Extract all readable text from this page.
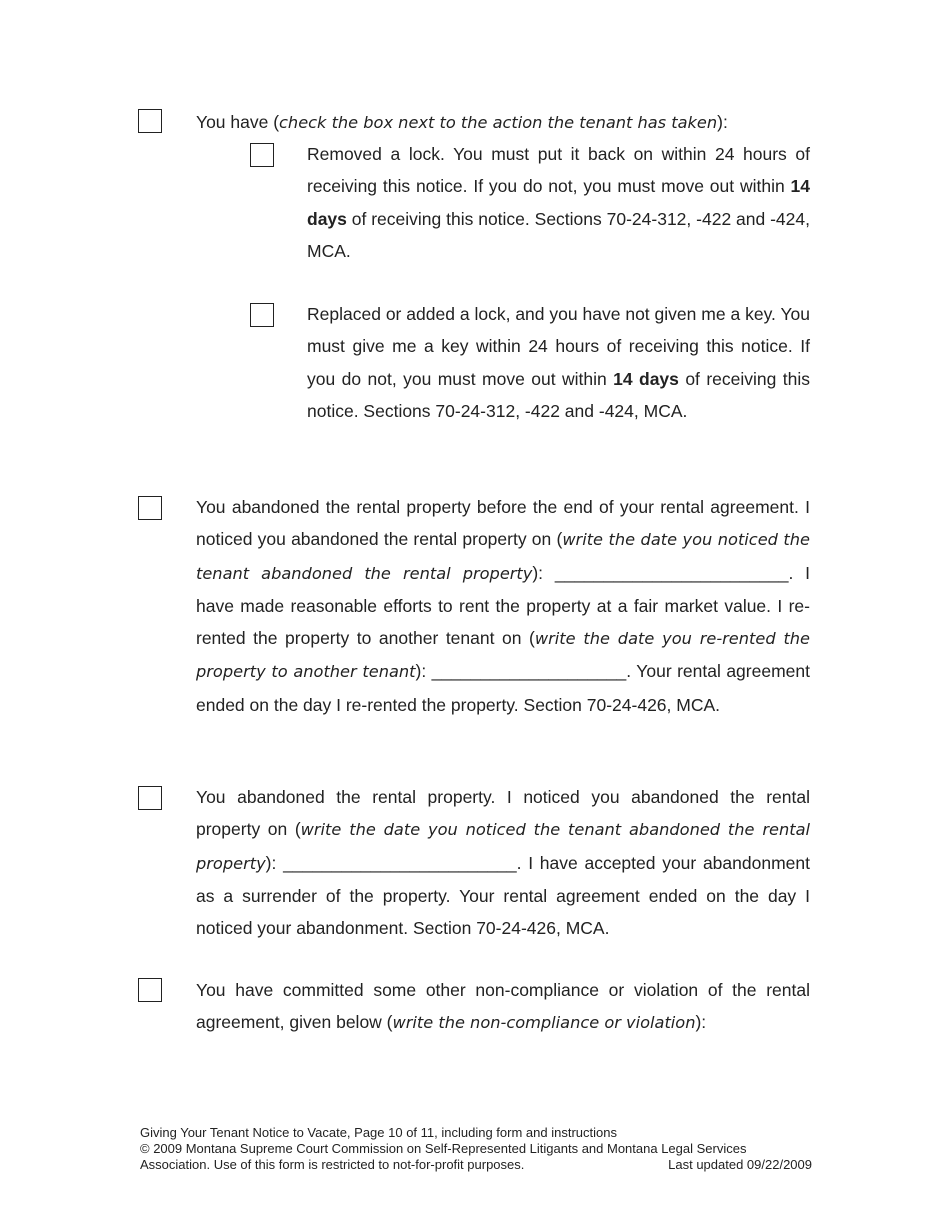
You have (check the box next to the action the tenant has taken):
Removed a lock. You must put it back on within 24 hours of receiving this notice. If you do not, you must move out within 14 days of receiving this notice. Sections 70-24-312, -422 and -424, MCA.
Replaced or added a lock, and you have not given me a key. You must give me a key within 24 hours of receiving this notice. If you do not, you must move out within 14 days of receiving this notice. Sections 70-24-312, -422 and -424, MCA.
You abandoned the rental property before the end of your rental agreement. I noticed you abandoned the rental property on (write the date you noticed the tenant abandoned the rental property): ________________________. I have made reasonable efforts to rent the property at a fair market value. I re-rented the property to another tenant on (write the date you re-rented the property to another tenant): ____________________. Your rental agreement ended on the day I re-rented the property. Section 70-24-426, MCA.
You abandoned the rental property. I noticed you abandoned the rental property on (write the date you noticed the tenant abandoned the rental property): ________________________. I have accepted your abandonment as a surrender of the property. Your rental agreement ended on the day I noticed your abandonment. Section 70-24-426, MCA.
You have committed some other non-compliance or violation of the rental agreement, given below (write the non-compliance or violation):
Giving Your Tenant Notice to Vacate, Page 10 of 11, including form and instructions
© 2009 Montana Supreme Court Commission on Self-Represented Litigants and Montana Legal Services
Association. Use of this form is restricted to not-for-profit purposes.	Last updated 09/22/2009
